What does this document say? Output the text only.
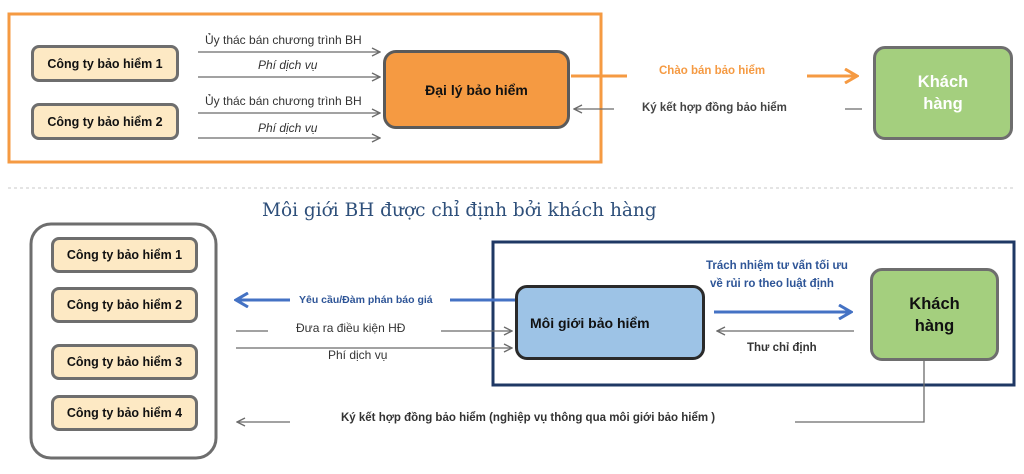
Công ty bảo hiểm 1
Công ty bảo hiểm 2
Đại lý bảo hiểm	Khách hàng
Ủy thác bán chương trình BH
Phí dịch vụ
Ủy thác bán chương trình BH
Phí dịch vụ
Chào bán bảo hiểm
Ký kết hợp đồng bảo hiểm
Môi giới BH được chỉ định bởi khách hàng
Công ty bảo hiểm 1
Công ty bảo hiểm 2
Công ty bảo hiểm 3
Công ty bảo hiểm 4
Môi giới bảo hiểm
Khách hàng
Yêu cầu/Đàm phán báo giá
Đưa ra điều kiện HĐ
Phí dịch vụ
Trách nhiệm tư vấn tối ưu
về rủi ro theo luật định
Thư chỉ định
Ký kết hợp đồng bảo hiểm (nghiệp vụ thông qua môi giới bảo hiểm )
